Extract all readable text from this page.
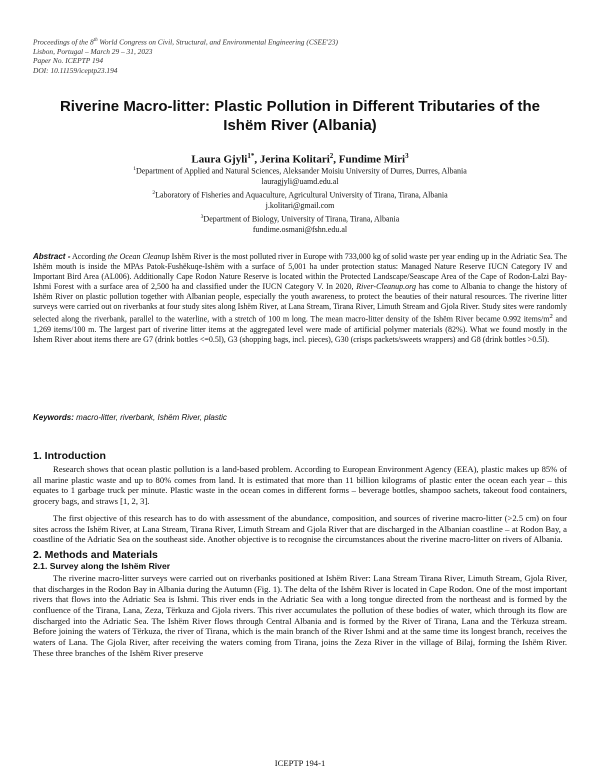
Proceedings of the 8th World Congress on Civil, Structural, and Environmental Engineering (CSEE'23)
Lisbon, Portugal – March 29 – 31, 2023
Paper No. ICEPTP 194
DOI: 10.11159/iceptp23.194
Riverine Macro-litter: Plastic Pollution in Different Tributaries of the
Ishëm River (Albania)
Laura Gjyli$^{1*}$, Jerina Kolitari$^2$, Fundime Miri$^3$
$^1$Department of Applied and Natural Sciences, Aleksander Moisiu University of Durres, Durres, Albania
lauragjyli@uamd.edu.al
$^2$Laboratory of Fisheries and Aquaculture, Agricultural University of Tirana, Tirana, Albania
j.kolitari@gmail.com
$^3$Department of Biology, University of Tirana, Tirana, Albania
fundime.osmani@fshn.edu.al
Abstract - According the Ocean Cleanup Ishëm River is the most polluted river in Europe with 733,000 kg of solid waste per year ending up in the Adriatic Sea. The Ishëm mouth is inside the MPAs Patok-Fushëkuqe-Ishëm with a surface of 5,001 ha under protection status: Managed Nature Reserve IUCN Category IV and Important Bird Area (AL006). Additionally Cape Rodon Nature Reserve is located within the Protected Landscape/Seascape Area of the Cape of Rodon-Lalzi Bay-Ishmi Forest with a surface area of 2,500 ha and classified under the IUCN Category V. In 2020, River-Cleanup.org has come to Albania to change the history of Ishëm River on plastic pollution together with Albanian people, especially the youth awareness, to protect the beauties of their natural resources. The riverine litter surveys were carried out on riverbanks at four study sites along Ishëm River, at Lana Stream, Tirana River, Limuth Stream and Gjola River. Study sites were randomly selected along the riverbank, parallel to the waterline, with a stretch of 100 m long. The mean macro-litter density of the Ishëm River became 0.992 items/$m^2$ and 1,269 items/100 m. The largest part of riverine litter items at the aggregated level were made of artificial polymer materials (82%). What we found mostly in the Ishem River about items there are G7 (drink bottles <=0.5l), G3 (shopping bags, incl. pieces), G30 (crisps packets/sweets wrappers) and G8 (drink bottles >0.5l).
Keywords: macro-litter, riverbank, Ishëm River, plastic
1. Introduction
Research shows that ocean plastic pollution is a land-based problem. According to European Environment Agency (EEA), plastic makes up 85% of all marine plastic waste and up to 80% comes from land. It is estimated that more than 11 billion kilograms of plastic enter the ocean each year – this equates to 1 garbage truck per minute. Plastic waste in the ocean comes in different forms – beverage bottles, shampoo sachets, takeout food containers, grocery bags, and straws [1, 2, 3].
The first objective of this research has to do with assessment of the abundance, composition, and sources of riverine macro-litter (>2.5 cm) on four sites across the Ishëm River, at Lana Stream, Tirana River, Limuth Stream and Gjola River that are discharged in the Albanian coastline – at Rodon Bay, a coastline of the Adriatic Sea on the southeast side. Another objective is to recognise the circumstances about the riverine macro-litter on rivers of Albania.
2. Methods and Materials
2.1. Survey along the Ishëm River
The riverine macro-litter surveys were carried out on riverbanks positioned at Ishëm River: Lana Stream Tirana River, Limuth Stream, Gjola River, that discharges in the Rodon Bay in Albania during the Autumn (Fig. 1). The delta of the Ishëm River is located in Cape Rodon. One of the most important rivers that flows into the Adriatic Sea is Ishmi. This river ends in the Adriatic Sea with a long tongue directed from the northeast and is formed by the confluence of the Tirana, Lana, Zeza, Tërkuza and Gjola rivers. This river accumulates the pollution of these bodies of water, which through its flow are discharged into the Adriatic Sea. The Ishëm River flows through Central Albania and is formed by the River of Tirana, Lana and the Tërkuza stream. Before joining the waters of Tërkuza, the river of Tirana, which is the main branch of the River Ishmi and at the same time its longest branch, receives the waters of Lana. The Gjola River, after receiving the waters coming from Tirana, joins the Zeza River in the village of Bilaj, forming the Ishëm River. These three branches of the Ishëm River preserve
ICEPTP 194-1
